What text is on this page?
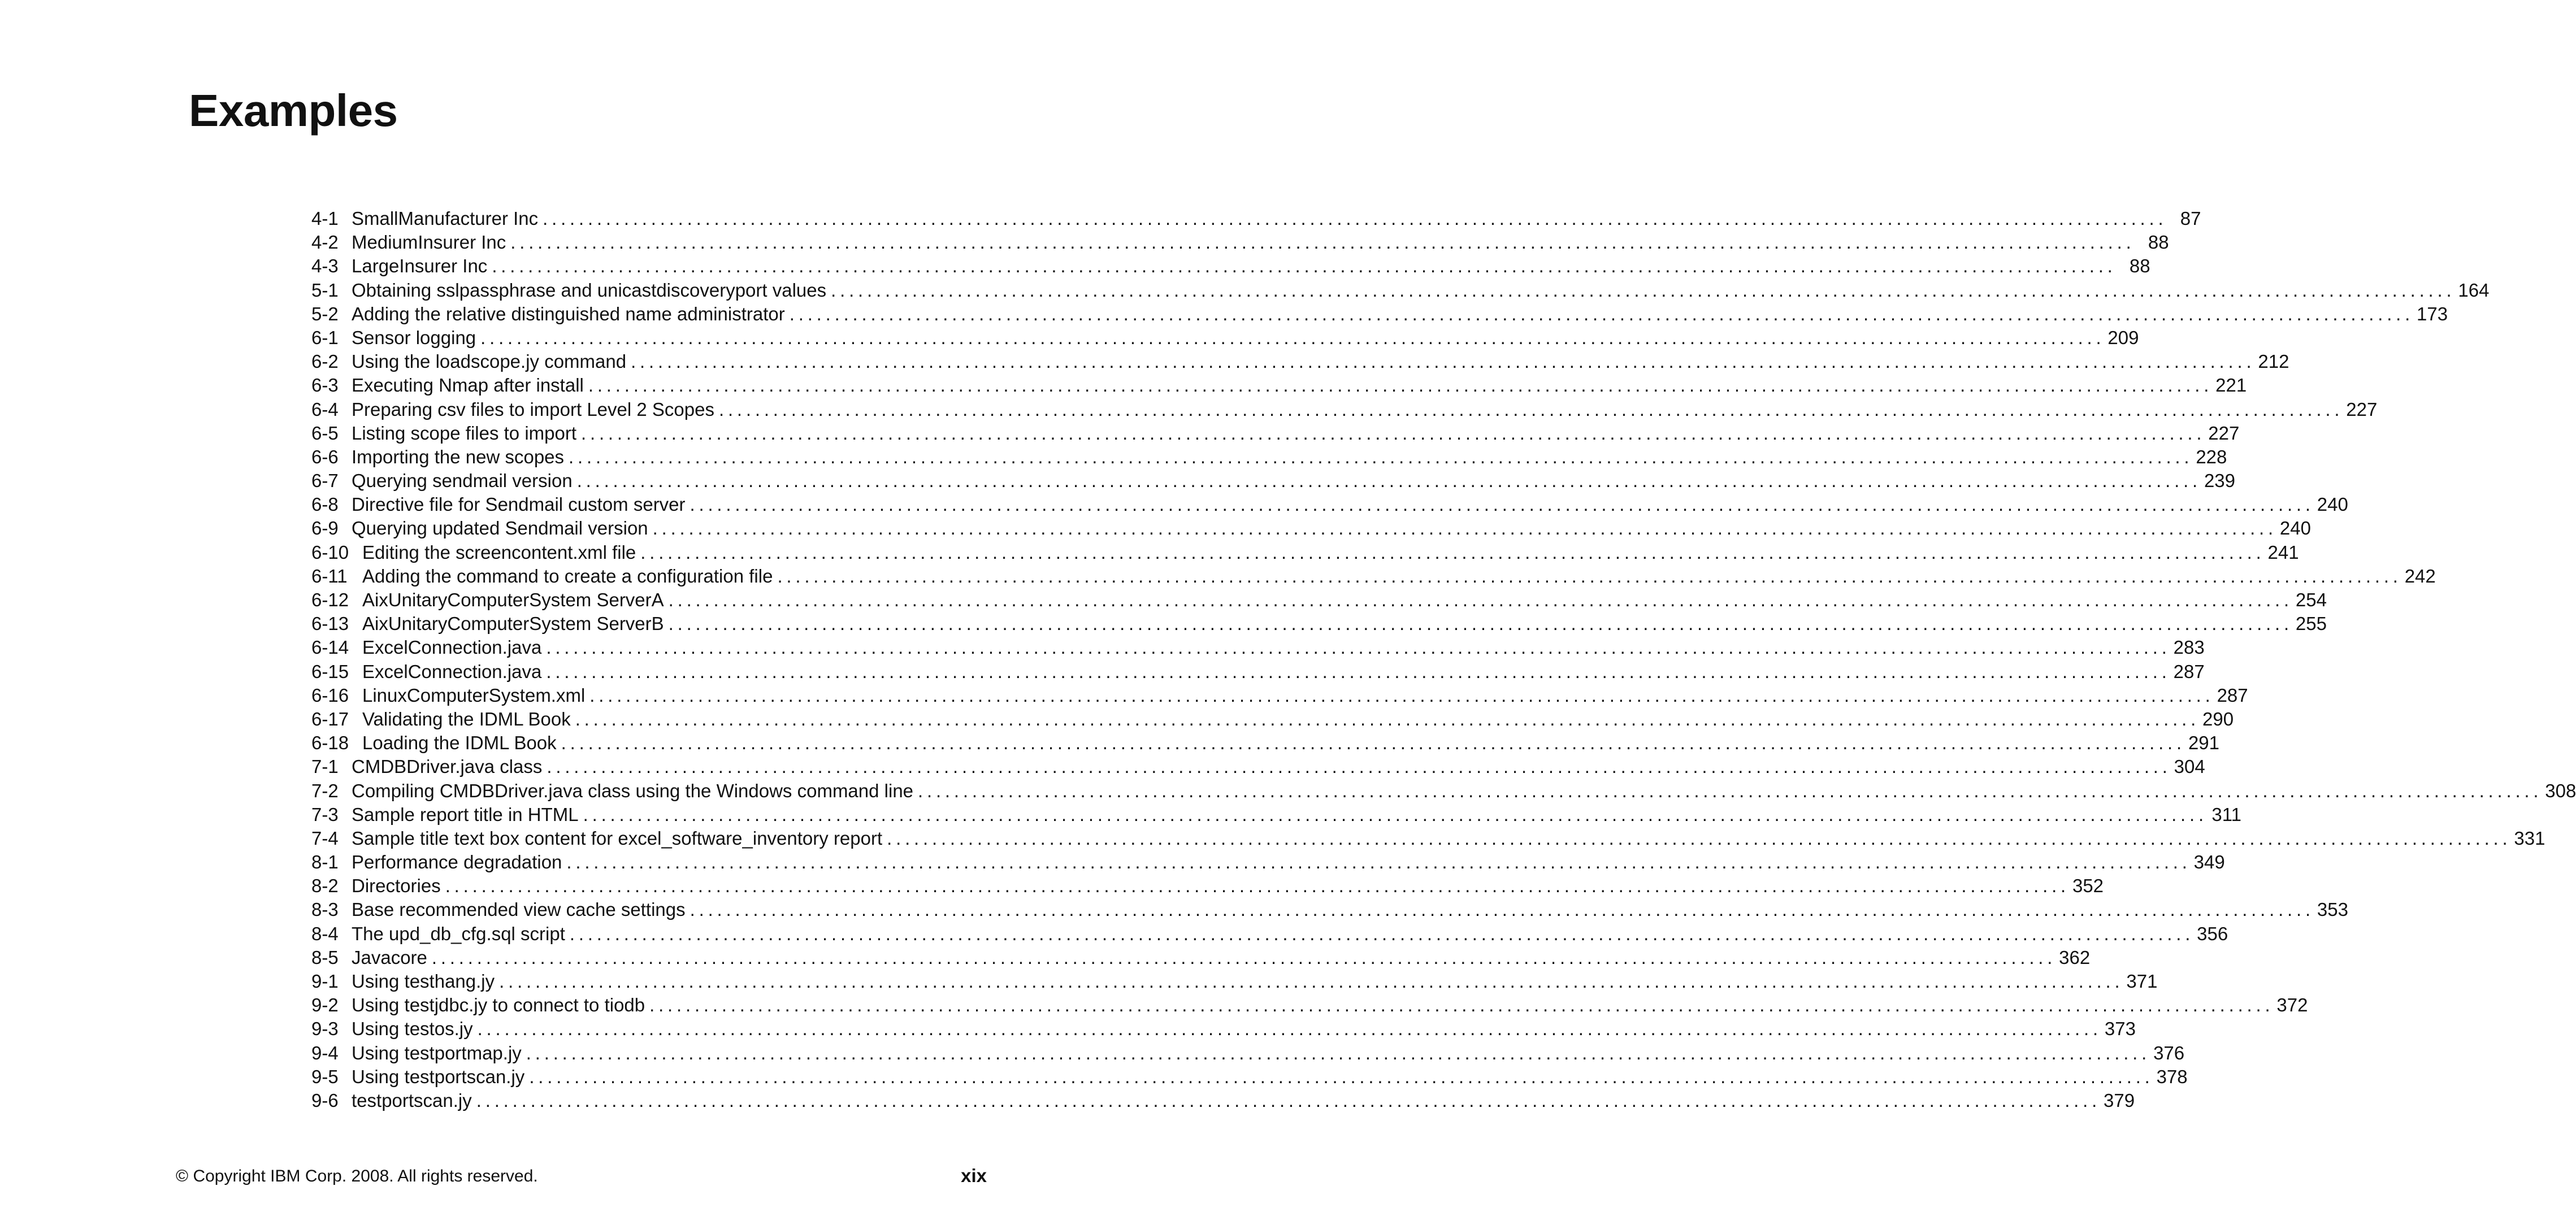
Examples
4-1 SmallManufacturer Inc .................................................................................................................................................................................... 87
4-2 MediumInsurer Inc .................................................................................................................................................................................... 88
4-3 LargeInsurer Inc .................................................................................................................................................................................... 88
5-1 Obtaining sslpassphrase and unicastdiscoveryport values .................................................................................................................................................................................... 164
5-2 Adding the relative distinguished name administrator .................................................................................................................................................................................... 173
6-1 Sensor logging .................................................................................................................................................................................... 209
6-2 Using the loadscope.jy command .................................................................................................................................................................................... 212
6-3 Executing Nmap after install .................................................................................................................................................................................... 221
6-4 Preparing csv files to import Level 2 Scopes .................................................................................................................................................................................... 227
6-5 Listing scope files to import .................................................................................................................................................................................... 227
6-6 Importing the new scopes .................................................................................................................................................................................... 228
6-7 Querying sendmail version .................................................................................................................................................................................... 239
6-8 Directive file for Sendmail custom server .................................................................................................................................................................................... 240
6-9 Querying updated Sendmail version .................................................................................................................................................................................... 240
6-10 Editing the screencontent.xml file .................................................................................................................................................................................... 241
6-11 Adding the command to create a configuration file .................................................................................................................................................................................... 242
6-12 AixUnitaryComputerSystem ServerA .................................................................................................................................................................................... 254
6-13 AixUnitaryComputerSystem ServerB .................................................................................................................................................................................... 255
6-14 ExcelConnection.java .................................................................................................................................................................................... 283
6-15 ExcelConnection.java .................................................................................................................................................................................... 287
6-16 LinuxComputerSystem.xml .................................................................................................................................................................................... 287
6-17 Validating the IDML Book .................................................................................................................................................................................... 290
6-18 Loading the IDML Book .................................................................................................................................................................................... 291
7-1 CMDBDriver.java class .................................................................................................................................................................................... 304
7-2 Compiling CMDBDriver.java class using the Windows command line .................................................................................................................................................................................... 308
7-3 Sample report title in HTML .................................................................................................................................................................................... 311
7-4 Sample title text box content for excel_software_inventory report .................................................................................................................................................................................... 331
8-1 Performance degradation .................................................................................................................................................................................... 349
8-2 Directories .................................................................................................................................................................................... 352
8-3 Base recommended view cache settings .................................................................................................................................................................................... 353
8-4 The upd_db_cfg.sql script .................................................................................................................................................................................... 356
8-5 Javacore .................................................................................................................................................................................... 362
9-1 Using testhang.jy .................................................................................................................................................................................... 371
9-2 Using testjdbc.jy to connect to tiodb .................................................................................................................................................................................... 372
9-3 Using testos.jy .................................................................................................................................................................................... 373
9-4 Using testportmap.jy .................................................................................................................................................................................... 376
9-5 Using testportscan.jy .................................................................................................................................................................................... 378
9-6 testportscan.jy .................................................................................................................................................................................... 379
© Copyright IBM Corp. 2008. All rights reserved.	xix
